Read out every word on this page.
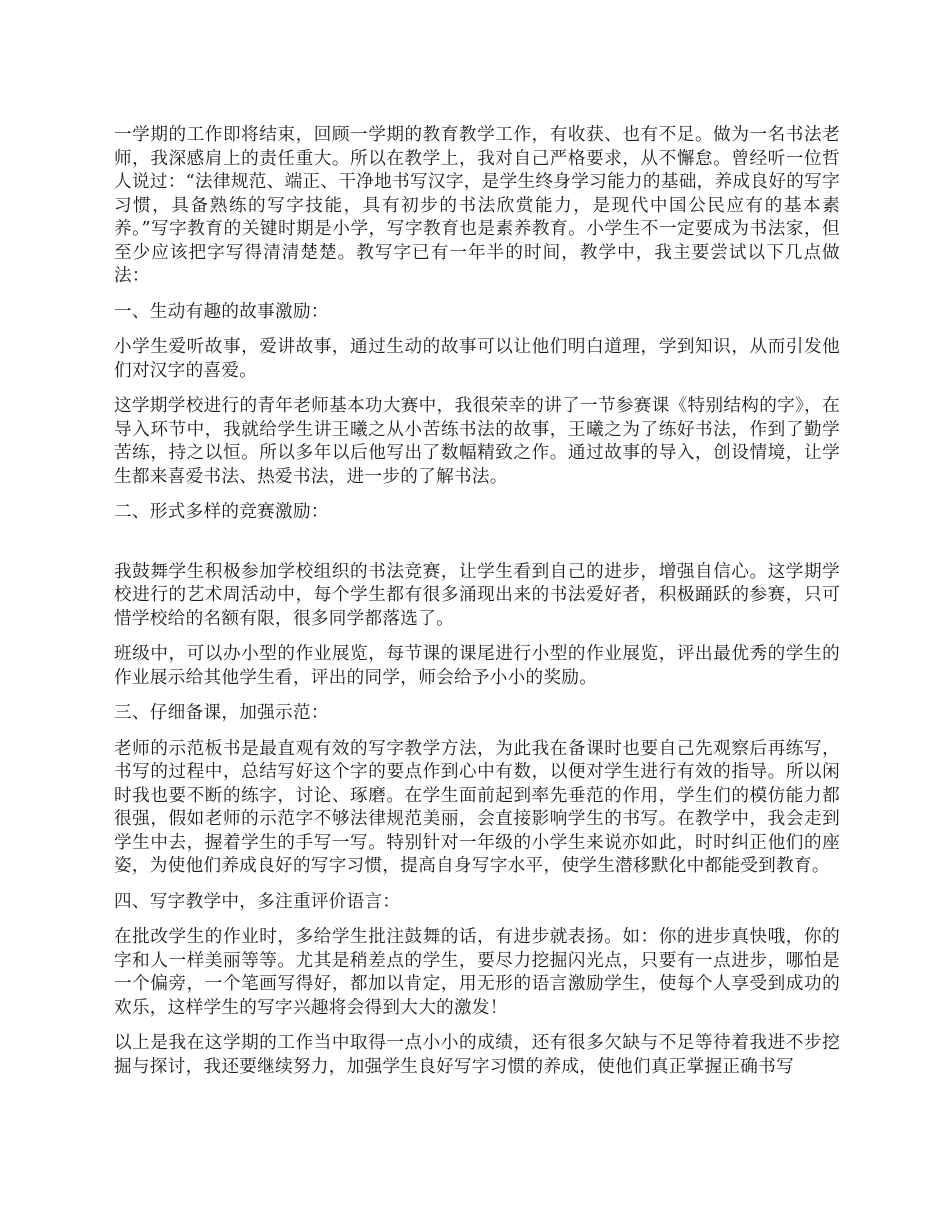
一学期的工作即将结束，回顾一学期的教育教学工作，有收获、也有不足。做为一名书法老师，我深感肩上的责任重大。所以在教学上，我对自己严格要求，从不懈怠。曾经听一位哲人说过：“法律规范、端正、干净地书写汉字，是学生终身学习能力的基础，养成良好的写字习惯，具备熟练的写字技能，具有初步的书法欣赏能力，是现代中国公民应有的基本素养。”写字教育的关键时期是小学，写字教育也是素养教育。小学生不一定要成为书法家，但至少应该把字写得清清楚楚。教写字已有一年半的时间，教学中，我主要尝试以下几点做法：

一、生动有趣的故事激励：

小学生爱听故事，爱讲故事，通过生动的故事可以让他们明白道理，学到知识，从而引发他们对汉字的喜爱。

这学期学校进行的青年老师基本功大赛中，我很荣幸的讲了一节参赛课《特别结构的字》，在导入环节中，我就给学生讲王曦之从小苦练书法的故事，王曦之为了练好书法，作到了勤学苦练，持之以恒。所以多年以后他写出了数幅精致之作。通过故事的导入，创设情境，让学生都来喜爱书法、热爱书法，进一步的了解书法。

二、形式多样的竞赛激励：

我鼓舞学生积极参加学校组织的书法竞赛，让学生看到自己的进步，增强自信心。这学期学校进行的艺术周活动中，每个学生都有很多涌现出来的书法爱好者，积极踊跃的参赛，只可惜学校给的名额有限，很多同学都落选了。

班级中，可以办小型的作业展览，每节课的课尾进行小型的作业展览，评出最优秀的学生的作业展示给其他学生看，评出的同学，师会给予小小的奖励。

三、仔细备课，加强示范：

老师的示范板书是最直观有效的写字教学方法，为此我在备课时也要自己先观察后再练写，书写的过程中，总结写好这个字的要点作到心中有数，以便对学生进行有效的指导。所以闲时我也要不断的练字，讨论、琢磨。在学生面前起到率先垂范的作用，学生们的模仿能力都很强，假如老师的示范字不够法律规范美丽，会直接影响学生的书写。在教学中，我会走到学生中去，握着学生的手写一写。特别针对一年级的小学生来说亦如此，时时纠正他们的座姿，为使他们养成良好的写字习惯，提高自身写字水平，使学生潜移默化中都能受到教育。

四、写字教学中，多注重评价语言：

在批改学生的作业时，多给学生批注鼓舞的话，有进步就表扬。如：你的进步真快哦，你的字和人一样美丽等等。尤其是稍差点的学生，要尽力挖掘闪光点，只要有一点进步，哪怕是一个偏旁，一个笔画写得好，都加以肯定，用无形的语言激励学生，使每个人享受到成功的欢乐，这样学生的写字兴趣将会得到大大的激发！

以上是我在这学期的工作当中取得一点小小的成绩，还有很多欠缺与不足等待着我进不步挖掘与探讨，我还要继续努力，加强学生良好写字习惯的养成，使他们真正掌握正确书写
